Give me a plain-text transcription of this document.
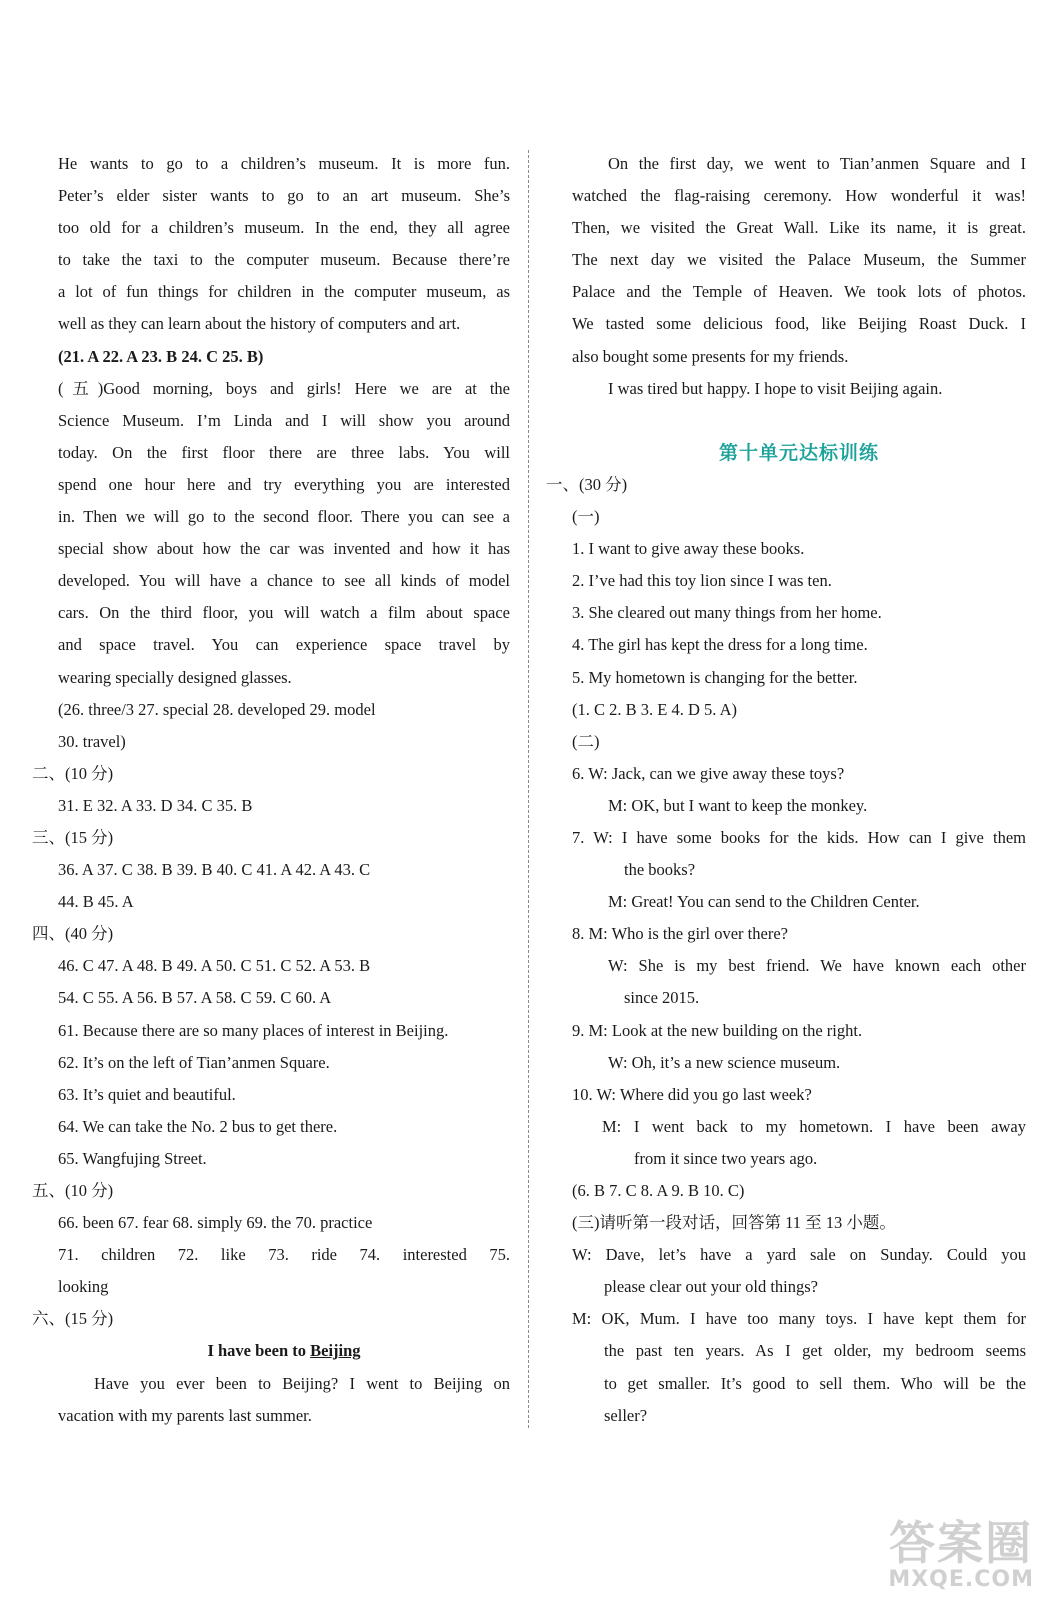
He wants to go to a children’s museum. It is more fun.
Peter’s elder sister wants to go to an art museum. She’s
too old for a children’s museum. In the end, they all agree
to take the taxi to the computer museum. Because there’re
a lot of fun things for children in the computer museum, as
well as they can learn about the history of computers and art.
(21. A 22. A 23. B 24. C 25. B)
(五)Good morning, boys and girls! Here we are at the
Science Museum. I’m Linda and I will show you around
today. On the first floor there are three labs. You will
spend one hour here and try everything you are interested
in. Then we will go to the second floor. There you can see a
special show about how the car was invented and how it has
developed. You will have a chance to see all kinds of model
cars. On the third floor, you will watch a film about space
and space travel. You can experience space travel by
wearing specially designed glasses.
(26. three/3 27. special 28. developed 29. model
30. travel)
二、(10 分)
31. E 32. A 33. D 34. C 35. B
三、(15 分)
36. A 37. C 38. B 39. B 40. C 41. A 42. A 43. C
44. B 45. A
四、(40 分)
46. C 47. A 48. B 49. A 50. C 51. C 52. A 53. B
54. C 55. A 56. B 57. A 58. C 59. C 60. A
61. Because there are so many places of interest in Beijing.
62. It’s on the left of Tian’anmen Square.
63. It’s quiet and beautiful.
64. We can take the No. 2 bus to get there.
65. Wangfujing Street.
五、(10 分)
66. been 67. fear 68. simply 69. the 70. practice
71. children 72. like 73. ride 74. interested 75.
looking
六、(15 分)
I have been to Beijing
Have you ever been to Beijing? I went to Beijing on
vacation with my parents last summer.
On the first day, we went to Tian’anmen Square and I
watched the flag-raising ceremony. How wonderful it was!
Then, we visited the Great Wall. Like its name, it is great.
The next day we visited the Palace Museum, the Summer
Palace and the Temple of Heaven. We took lots of photos.
We tasted some delicious food, like Beijing Roast Duck. I
also bought some presents for my friends.
I was tired but happy. I hope to visit Beijing again.
第十单元达标训练
一、(30 分)
(一)
1. I want to give away these books.
2. I’ve had this toy lion since I was ten.
3. She cleared out many things from her home.
4. The girl has kept the dress for a long time.
5. My hometown is changing for the better.
(1. C 2. B 3. E 4. D 5. A)
(二)
6. W: Jack, can we give away these toys?
M: OK, but I want to keep the monkey.
7. W: I have some books for the kids. How can I give them
the books?
M: Great! You can send to the Children Center.
8. M: Who is the girl over there?
W: She is my best friend. We have known each other
since 2015.
9. M: Look at the new building on the right.
W: Oh, it’s a new science museum.
10. W: Where did you go last week?
M: I went back to my hometown. I have been away
from it since two years ago.
(6. B 7. C 8. A 9. B 10. C)
(三)请听第一段对话，回答第 11 至 13 小题。
W: Dave, let’s have a yard sale on Sunday. Could you
please clear out your old things?
M: OK, Mum. I have too many toys. I have kept them for
the past ten years. As I get older, my bedroom seems
to get smaller. It’s good to sell them. Who will be the
seller?
答案圈
MXQE.COM
